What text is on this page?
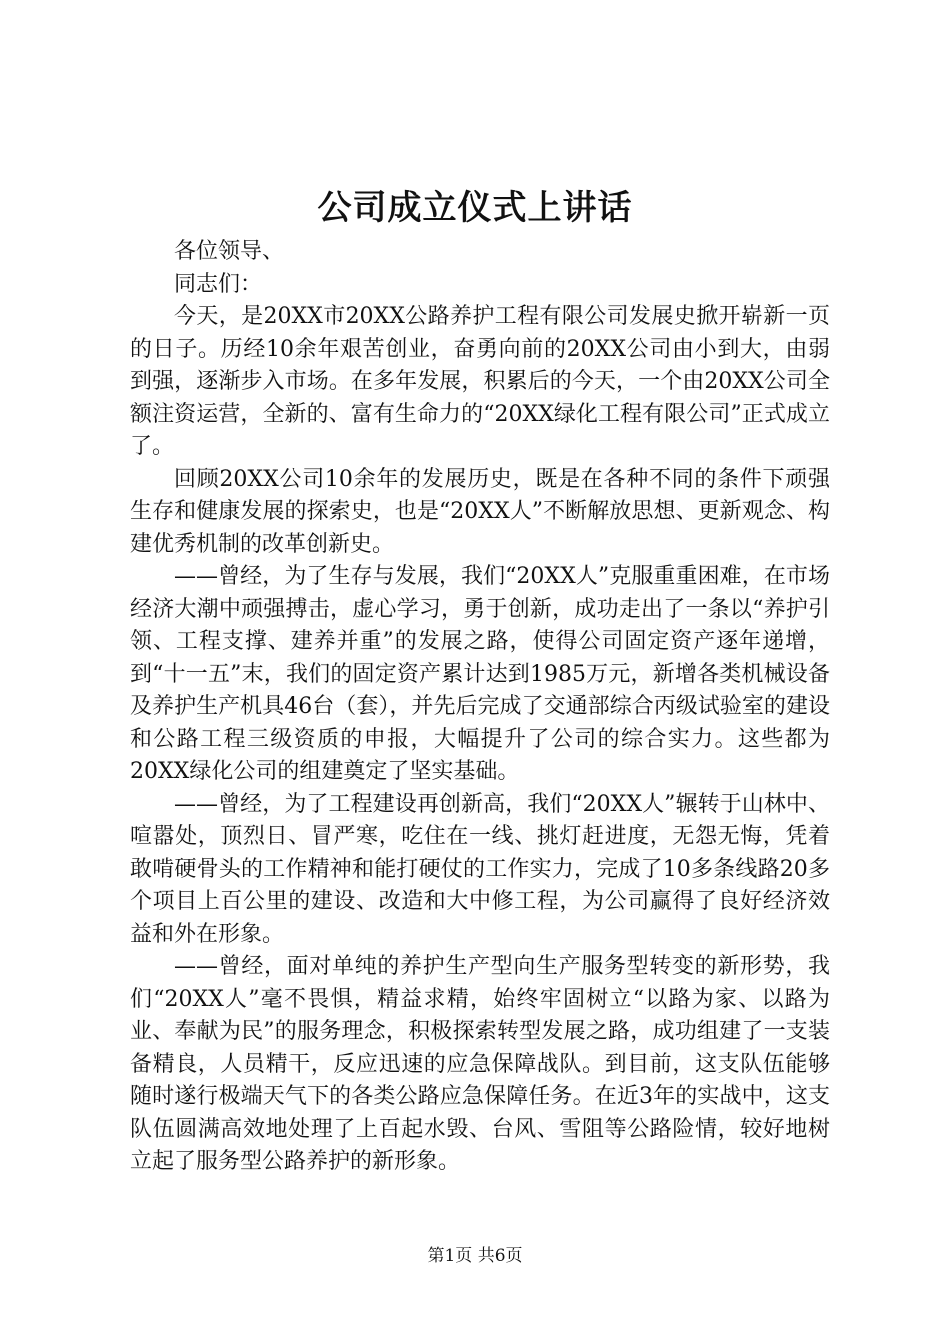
公司成立仪式上讲话

各位领导、

同志们：

今天，是20XX市20XX公路养护工程有限公司发展史掀开崭新一页的日子。历经10余年艰苦创业，奋勇向前的20XX公司由小到大，由弱到强，逐渐步入市场。在多年发展，积累后的今天，一个由20XX公司全额注资运营，全新的、富有生命力的“20XX绿化工程有限公司”正式成立了。

回顾20XX公司10余年的发展历史，既是在各种不同的条件下顽强生存和健康发展的探索史，也是“20XX人”不断解放思想、更新观念、构建优秀机制的改革创新史。

——曾经，为了生存与发展，我们“20XX人”克服重重困难，在市场经济大潮中顽强搏击，虚心学习，勇于创新，成功走出了一条以“养护引领、工程支撑、建养并重”的发展之路，使得公司固定资产逐年递增，到“十一五”末，我们的固定资产累计达到1985万元，新增各类机械设备及养护生产机具46台（套），并先后完成了交通部综合丙级试验室的建设和公路工程三级资质的申报，大幅提升了公司的综合实力。这些都为20XX绿化公司的组建奠定了坚实基础。

——曾经，为了工程建设再创新高，我们“20XX人”辗转于山林中、喧嚣处，顶烈日、冒严寒，吃住在一线、挑灯赶进度，无怨无悔，凭着敢啃硬骨头的工作精神和能打硬仗的工作实力，完成了10多条线路20多个项目上百公里的建设、改造和大中修工程，为公司赢得了良好经济效益和外在形象。

——曾经，面对单纯的养护生产型向生产服务型转变的新形势，我们“20XX人”毫不畏惧，精益求精，始终牢固树立“以路为家、以路为业、奉献为民”的服务理念，积极探索转型发展之路，成功组建了一支装备精良，人员精干，反应迅速的应急保障战队。到目前，这支队伍能够随时遂行极端天气下的各类公路应急保障任务。在近3年的实战中，这支队伍圆满高效地处理了上百起水毁、台风、雪阻等公路险情，较好地树立起了服务型公路养护的新形象。

第1页 共6页
